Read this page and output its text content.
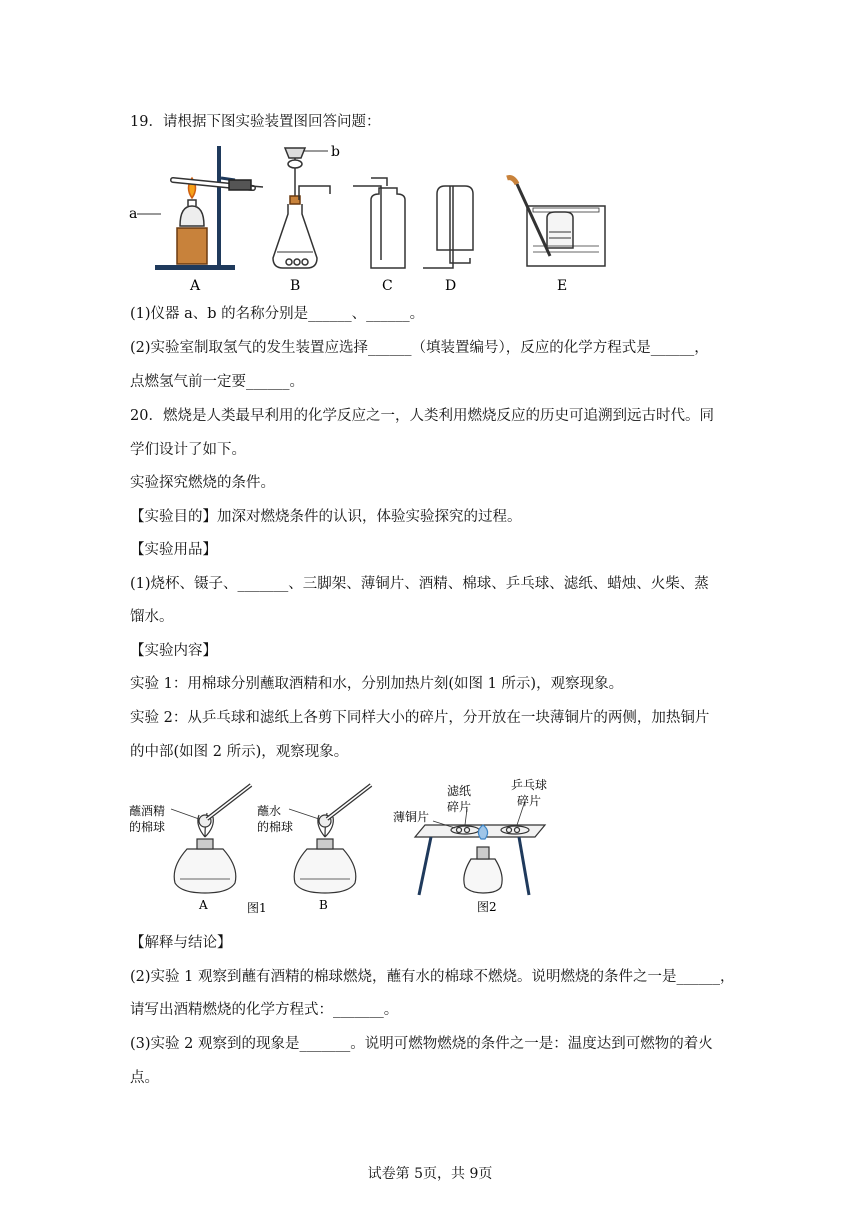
19．请根据下图实验装置图回答问题：
a
A
b
B	C	D	E
(1)仪器 a、b 的名称分别是______、______。
(2)实验室制取氢气的发生装置应选择______（填装置编号），反应的化学方程式是______，
点燃氢气前一定要______。
20．燃烧是人类最早利用的化学反应之一，人类利用燃烧反应的历史可追溯到远古时代。同
学们设计了如下。
实验探究燃烧的条件。
【实验目的】加深对燃烧条件的认识，体验实验探究的过程。
【实验用品】
(1)烧杯、镊子、_______、三脚架、薄铜片、酒精、棉球、乒乓球、滤纸、蜡烛、火柴、蒸
馏水。
【实验内容】
实验 1：用棉球分别蘸取酒精和水，分别加热片刻(如图 1 所示)，观察现象。
实验 2：从乒乓球和滤纸上各剪下同样大小的碎片，分开放在一块薄铜片的两侧，加热铜片
的中部(如图 2 所示)，观察现象。
蘸酒精
的棉球
A
蘸水
的棉球
B
图1
滤纸
碎片
乒乓球
碎片
薄铜片
图2
【解释与结论】
(2)实验 1 观察到蘸有酒精的棉球燃烧，蘸有水的棉球不燃烧。说明燃烧的条件之一是______，
请写出酒精燃烧的化学方程式：_______。
(3)实验 2 观察到的现象是_______。说明可燃物燃烧的条件之一是：温度达到可燃物的着火
点。
试卷第 5页，共 9页
